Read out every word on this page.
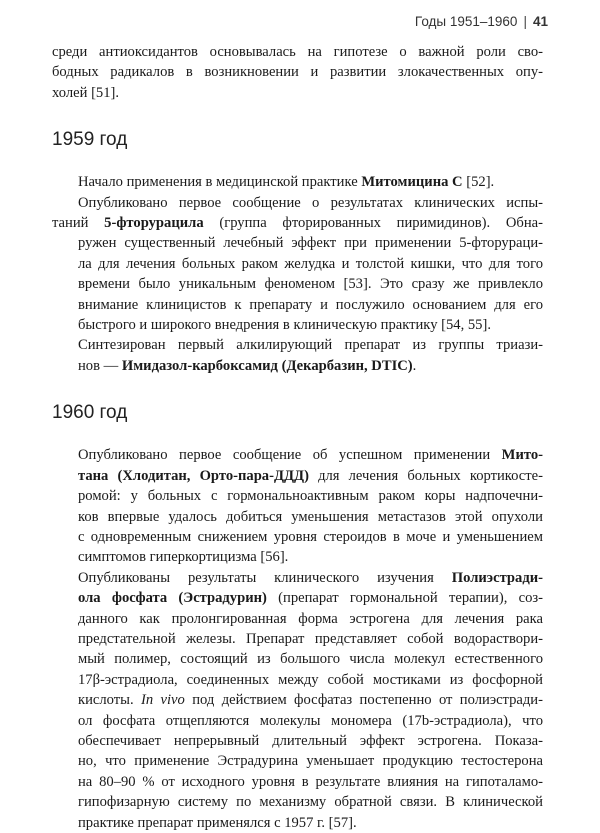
Годы 1951–1960 | 41

среди антиоксидантов основывалась на гипотезе о важной роли сво-
бодных радикалов в возникновении и развитии злокачественных опу-
холей [51].

1959 год

Начало применения в медицинской практике Митомицина С [52].

Опубликовано первое сообщение о результатах клинических испы-
таний 5-фторурацила (группа фторированных пиримидинов). Обна-
ружен существенный лечебный эффект при применении 5-фторураци-
ла для лечения больных раком желудка и толстой кишки, что для того
времени было уникальным феноменом [53]. Это сразу же привлекло
внимание клиницистов к препарату и послужило основанием для его
быстрого и широкого внедрения в клиническую практику [54, 55].

Синтезирован первый алкилирующий препарат из группы триази-
нов — Имидазол-карбоксамид (Декарбазин, DTIC).

1960 год

Опубликовано первое сообщение об успешном применении Мито-
тана (Хлодитан, Орто-пара-ДДД) для лечения больных кортикосте-
ромой: у больных с гормональноактивным раком коры надпочечни-
ков впервые удалось добиться уменьшения метастазов этой опухоли
с одновременным снижением уровня стероидов в моче и уменьшением
симптомов гиперкортицизма [56].

Опубликованы результаты клинического изучения Полиэстради-
ола фосфата (Эстрадурин) (препарат гормональной терапии), соз-
данного как пролонгированная форма эстрогена для лечения рака
предстательной железы. Препарат представляет собой водораствори-
мый полимер, состоящий из большого числа молекул естественного
17β-эстрадиола, соединенных между собой мостиками из фосфорной
кислоты. In vivo под действием фосфатаз постепенно от полиэстради-
ол фосфата отщепляются молекулы мономера (17b-эстрадиола), что
обеспечивает непрерывный длительный эффект эстрогена. Показа-
но, что применение Эстрадурина уменьшает продукцию тестостерона
на 80–90 % от исходного уровня в результате влияния на гипоталамо-
гипофизарную систему по механизму обратной связи. В клинической
практике препарат применялся с 1957 г. [57].
